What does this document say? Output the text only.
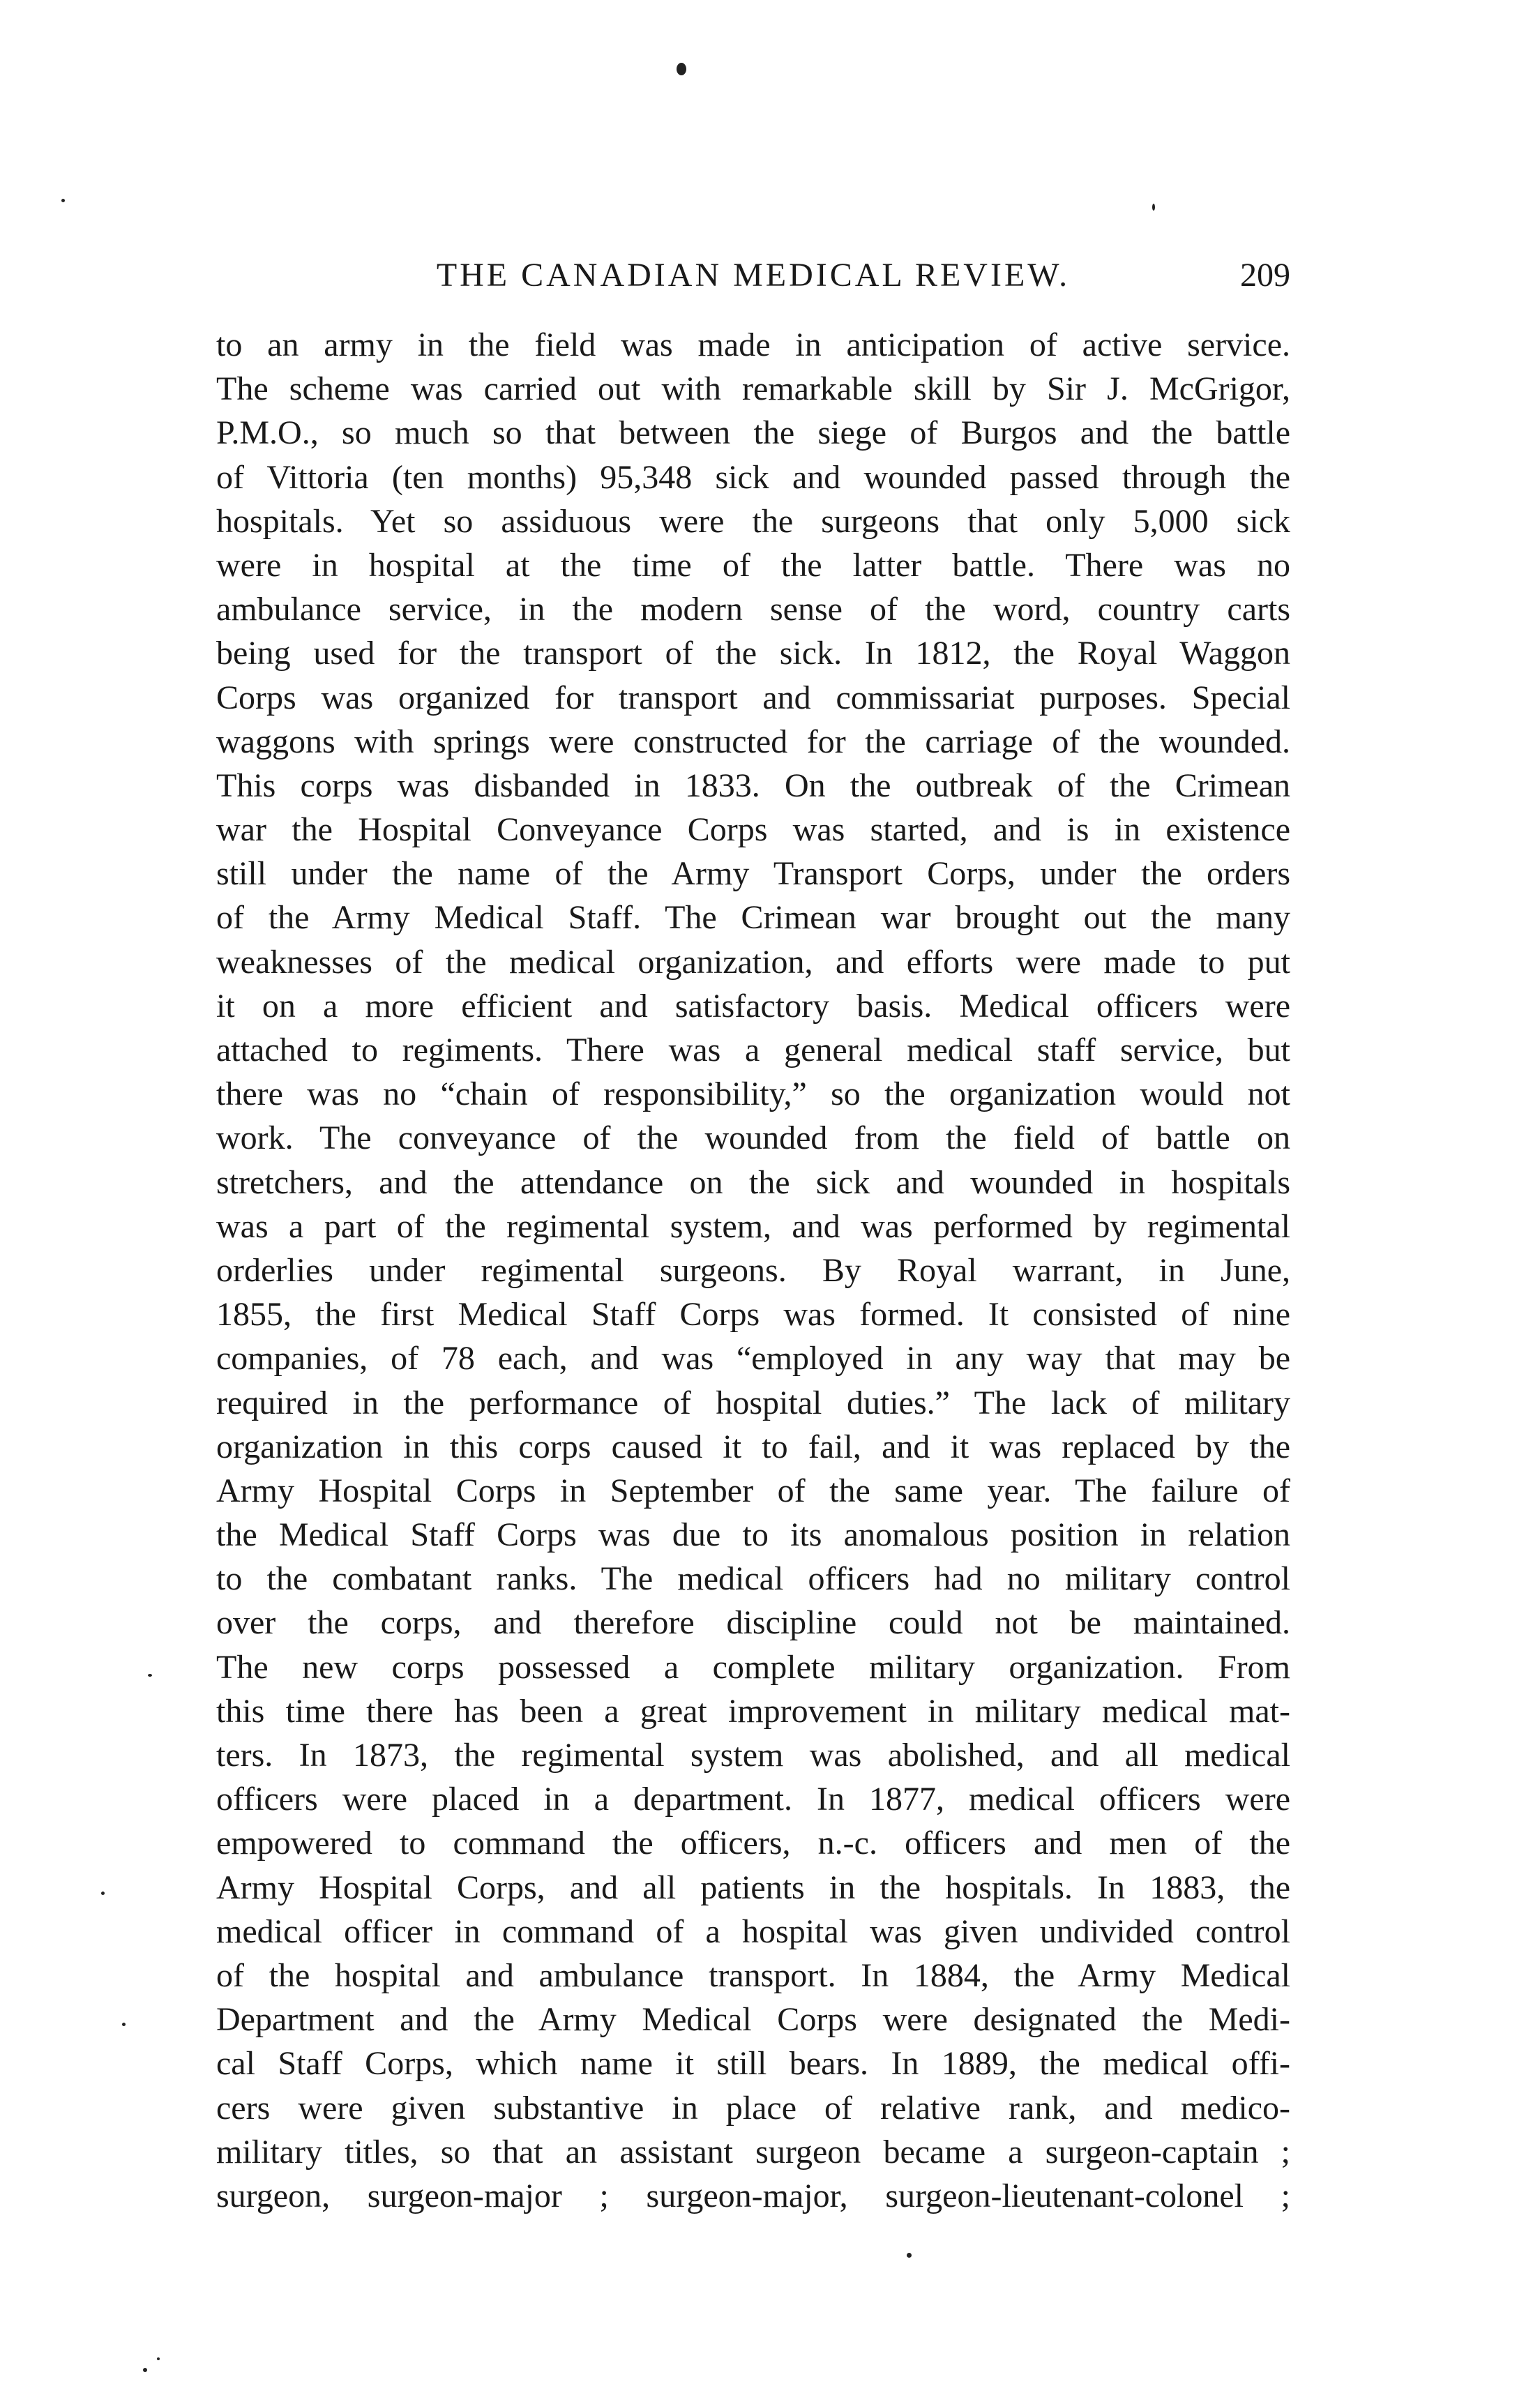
THE CANADIAN MEDICAL REVIEW.	209
to an army in the field was made in anticipation of active service.
The scheme was carried out with remarkable skill by Sir J. McGrigor,
P.M.O., so much so that between the siege of Burgos and the battle
of Vittoria (ten months) 95,348 sick and wounded passed through the
hospitals. Yet so assiduous were the surgeons that only 5,000 sick
were in hospital at the time of the latter battle. There was no
ambulance service, in the modern sense of the word, country carts
being used for the transport of the sick. In 1812, the Royal Waggon
Corps was organized for transport and commissariat purposes. Special
waggons with springs were constructed for the carriage of the wounded.
This corps was disbanded in 1833. On the outbreak of the Crimean
war the Hospital Conveyance Corps was started, and is in existence
still under the name of the Army Transport Corps, under the orders
of the Army Medical Staff. The Crimean war brought out the many
weaknesses of the medical organization, and efforts were made to put
it on a more efficient and satisfactory basis. Medical officers were
attached to regiments. There was a general medical staff service, but
there was no “chain of responsibility,” so the organization would not
work. The conveyance of the wounded from the field of battle on
stretchers, and the attendance on the sick and wounded in hospitals
was a part of the regimental system, and was performed by regimental
orderlies under regimental surgeons. By Royal warrant, in June,
1855, the first Medical Staff Corps was formed. It consisted of nine
companies, of 78 each, and was “employed in any way that may be
required in the performance of hospital duties.” The lack of military
organization in this corps caused it to fail, and it was replaced by the
Army Hospital Corps in September of the same year. The failure of
the Medical Staff Corps was due to its anomalous position in relation
to the combatant ranks. The medical officers had no military control
over the corps, and therefore discipline could not be maintained.
The new corps possessed a complete military organization. From
this time there has been a great improvement in military medical mat-
ters. In 1873, the regimental system was abolished, and all medical
officers were placed in a department. In 1877, medical officers were
empowered to command the officers, n.-c. officers and men of the
Army Hospital Corps, and all patients in the hospitals. In 1883, the
medical officer in command of a hospital was given undivided control
of the hospital and ambulance transport. In 1884, the Army Medical
Department and the Army Medical Corps were designated the Medi-
cal Staff Corps, which name it still bears. In 1889, the medical offi-
cers were given substantive in place of relative rank, and medico-
military titles, so that an assistant surgeon became a surgeon-captain ;
surgeon, surgeon-major ; surgeon-major, surgeon-lieutenant-colonel ;
